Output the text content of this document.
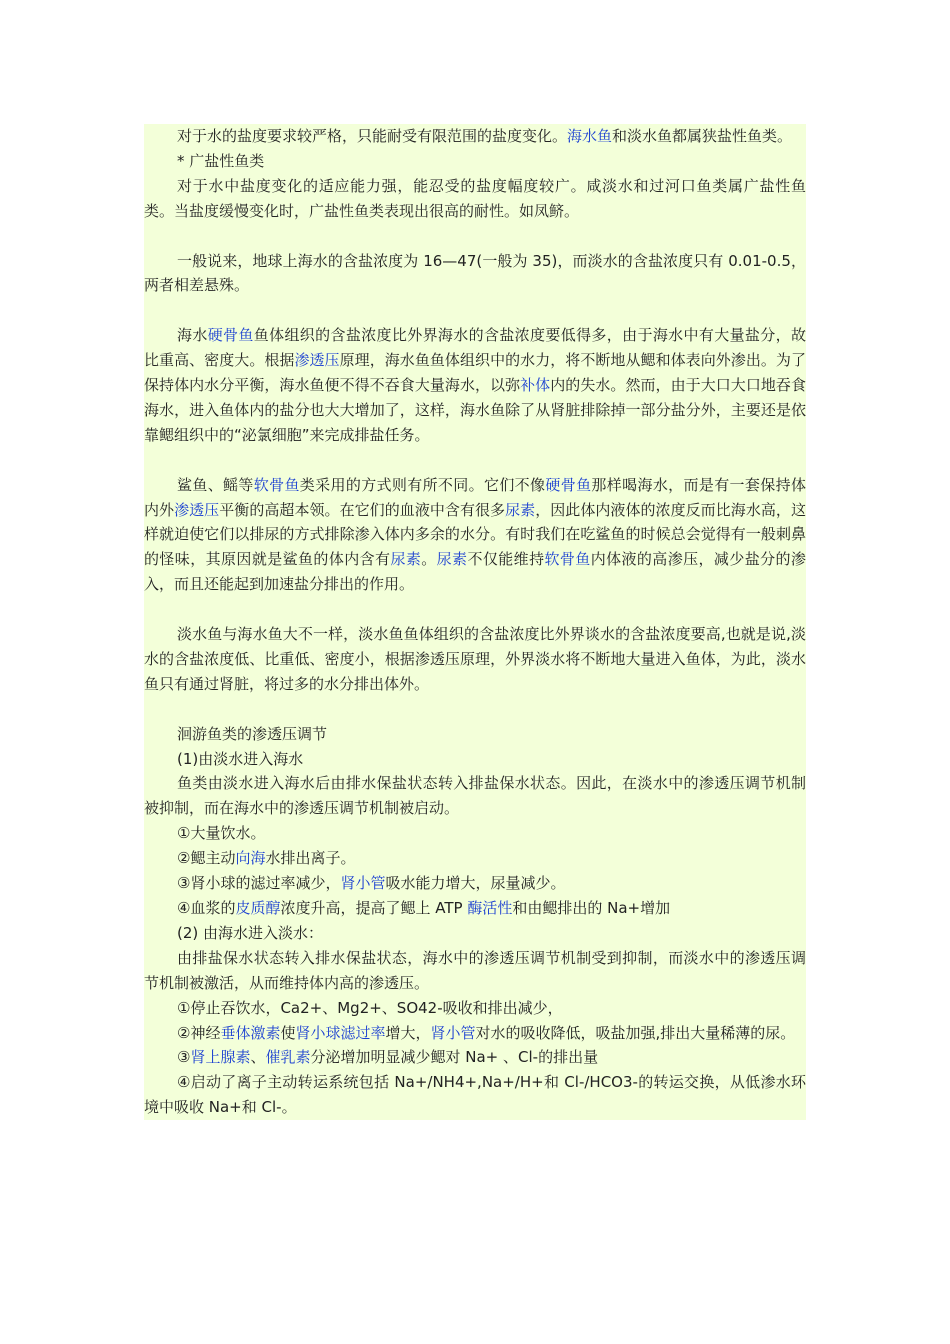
对于水的盐度要求较严格，只能耐受有限范围的盐度变化。海水鱼和淡水鱼都属狭盐性鱼类。

* 广盐性鱼类

对于水中盐度变化的适应能力强，能忍受的盐度幅度较广。咸淡水和过河口鱼类属广盐性鱼类。当盐度缓慢变化时，广盐性鱼类表现出很高的耐性。如凤鲚。

一般说来，地球上海水的含盐浓度为 16—47(一般为 35)，而淡水的含盐浓度只有 0.01-0.5，两者相差悬殊。

海水硬骨鱼鱼体组织的含盐浓度比外界海水的含盐浓度要低得多，由于海水中有大量盐分，故比重高、密度大。根据渗透压原理，海水鱼鱼体组织中的水力，将不断地从鳃和体表向外渗出。为了保持体内水分平衡，海水鱼便不得不吞食大量海水，以弥补体内的失水。然而，由于大口大口地吞食海水，进入鱼体内的盐分也大大增加了，这样，海水鱼除了从肾脏排除掉一部分盐分外，主要还是依靠鳃组织中的“泌氯细胞”来完成排盐任务。

鲨鱼、鳐等软骨鱼类采用的方式则有所不同。它们不像硬骨鱼那样喝海水，而是有一套保持体内外渗透压平衡的高超本领。在它们的血液中含有很多尿素，因此体内液体的浓度反而比海水高，这样就迫使它们以排尿的方式排除渗入体内多余的水分。有时我们在吃鲨鱼的时候总会觉得有一般刺鼻的怪味，其原因就是鲨鱼的体内含有尿素。尿素不仅能维持软骨鱼内体液的高渗压，减少盐分的渗入，而且还能起到加速盐分排出的作用。

淡水鱼与海水鱼大不一样，淡水鱼鱼体组织的含盐浓度比外界谈水的含盐浓度要高,也就是说,淡水的含盐浓度低、比重低、密度小，根据渗透压原理，外界淡水将不断地大量进入鱼体，为此，淡水鱼只有通过肾脏，将过多的水分排出体外。

洄游鱼类的渗透压调节

(1)由淡水进入海水

鱼类由淡水进入海水后由排水保盐状态转入排盐保水状态。因此，在淡水中的渗透压调节机制被抑制，而在海水中的渗透压调节机制被启动。

①大量饮水。

②鳃主动向海水排出离子。

③肾小球的滤过率减少，肾小管吸水能力增大，尿量减少。

④血浆的皮质醇浓度升高，提高了鳃上 ATP 酶活性和由鳃排出的 Na+增加

(2) 由海水进入淡水：

由排盐保水状态转入排水保盐状态，海水中的渗透压调节机制受到抑制，而淡水中的渗透压调节机制被激活，从而维持体内高的渗透压。

①停止吞饮水，Ca2+、Mg2+、SO42-吸收和排出减少，

②神经垂体激素使肾小球滤过率增大，肾小管对水的吸收降低，吸盐加强,排出大量稀薄的尿。

③肾上腺素、催乳素分泌增加明显减少鳃对 Na+ 、Cl-的排出量

④启动了离子主动转运系统包括 Na+/NH4+,Na+/H+和 Cl-/HCO3-的转运交换，从低渗水环境中吸收 Na+和 Cl-。
